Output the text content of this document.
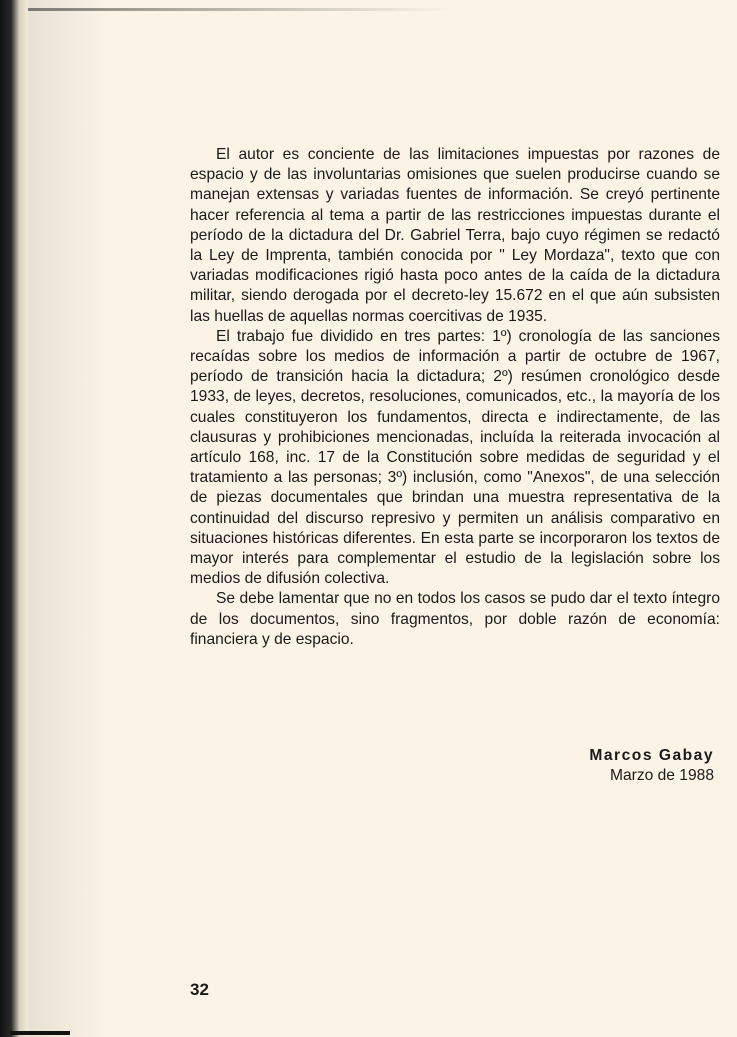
El autor es conciente de las limitaciones impuestas por razones de espacio y de las involuntarias omisiones que suelen producirse cuando se manejan extensas y variadas fuentes de información. Se creyó pertinente hacer referencia al tema a partir de las restricciones impuestas durante el período de la dictadura del Dr. Gabriel Terra, bajo cuyo régimen se redactó la Ley de Imprenta, también conocida por " Ley Mordaza", texto que con variadas modificaciones rigió hasta poco antes de la caída de la dictadura militar, siendo derogada por el decreto-ley 15.672 en el que aún subsisten las huellas de aquellas normas coercitivas de 1935.

El trabajo fue dividido en tres partes: 1º) cronología de las sanciones recaídas sobre los medios de información a partir de octubre de 1967, período de transición hacia la dictadura; 2º) resúmen cronológico desde 1933, de leyes, decretos, resoluciones, comunicados, etc., la mayoría de los cuales constituyeron los fundamentos, directa e indirectamente, de las clausuras y prohibiciones mencionadas, incluída la reiterada invocación al artículo 168, inc. 17 de la Constitución sobre medidas de seguridad y el tratamiento a las personas; 3º) inclusión, como "Anexos", de una selección de piezas documentales que brindan una muestra representativa de la continuidad del discurso represivo y permiten un análisis comparativo en situaciones históricas diferentes. En esta parte se incorporaron los textos de mayor interés para complementar el estudio de la legislación sobre los medios de difusión colectiva.

Se debe lamentar que no en todos los casos se pudo dar el texto íntegro de los documentos, sino fragmentos, por doble razón de economía: financiera y de espacio.

Marcos Gabay
Marzo de 1988
32
